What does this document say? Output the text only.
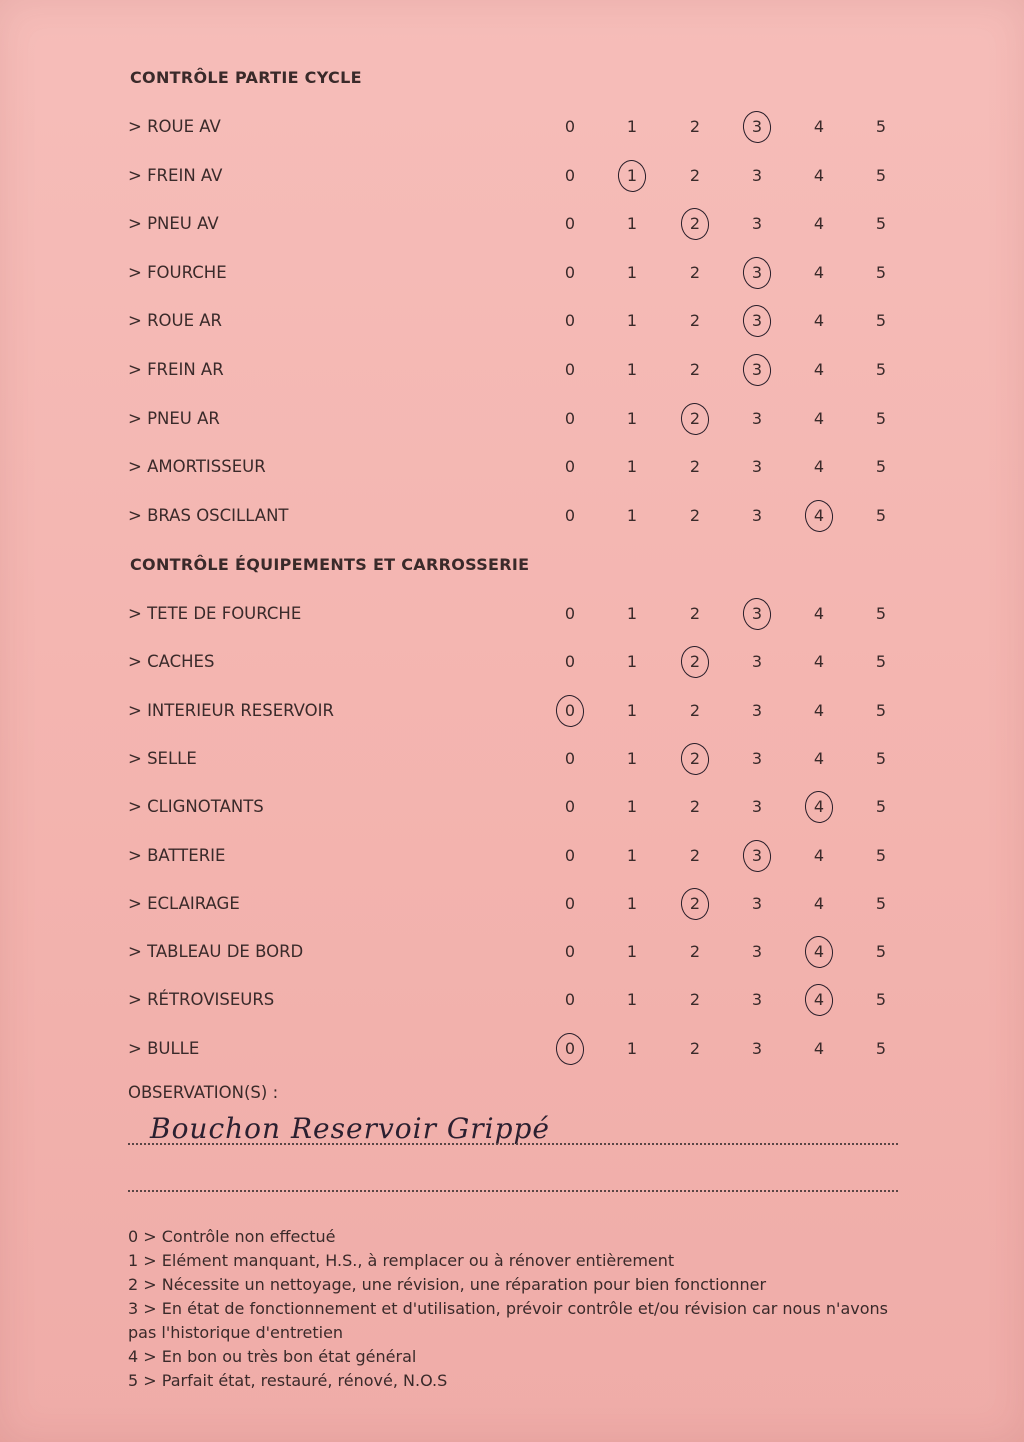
CONTRÔLE PARTIE CYCLE
> ROUE AV	0	1	2	3	4	5
> FREIN AV	0	1	2	3	4	5
> PNEU AV	0	1	2	3	4	5
> FOURCHE	0	1	2	3	4	5
> ROUE AR	0	1	2	3	4	5
> FREIN AR	0	1	2	3	4	5
> PNEU AR	0	1	2	3	4	5
> AMORTISSEUR	0	1	2	3	4	5
> BRAS OSCILLANT	0	1	2	3	4	5
CONTRÔLE ÉQUIPEMENTS ET CARROSSERIE
> TETE DE FOURCHE	0	1	2	3	4	5
> CACHES	0	1	2	3	4	5
> INTERIEUR RESERVOIR	0	1	2	3	4	5
> SELLE	0	1	2	3	4	5
> CLIGNOTANTS	0	1	2	3	4	5
> BATTERIE	0	1	2	3	4	5
> ECLAIRAGE	0	1	2	3	4	5
> TABLEAU DE BORD	0	1	2	3	4	5
> RÉTROVISEURS	0	1	2	3	4	5
> BULLE	0	1	2	3	4	5
OBSERVATION(S) :
Bouchon Reservoir Grippé
0 > Contrôle non effectué
1 > Elément manquant, H.S., à remplacer ou à rénover entièrement
2 > Nécessite un nettoyage, une révision, une réparation pour bien fonctionner
3 > En état de fonctionnement et d'utilisation, prévoir contrôle et/ou révision car nous n'avons pas l'historique d'entretien
4 > En bon ou très bon état général
5 > Parfait état, restauré, rénové, N.O.S
